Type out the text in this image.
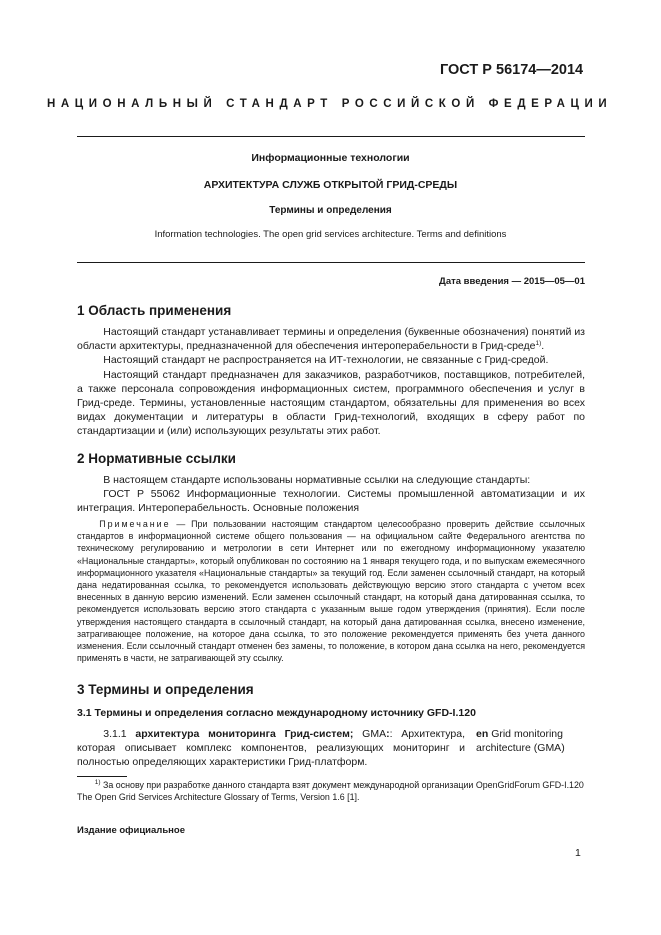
ГОСТ Р 56174—2014
НАЦИОНАЛЬНЫЙ СТАНДАРТ РОССИЙСКОЙ ФЕДЕРАЦИИ
Информационные технологии
АРХИТЕКТУРА СЛУЖБ ОТКРЫТОЙ ГРИД-СРЕДЫ
Термины и определения
Information technologies. The open grid services architecture. Terms and definitions
Дата введения — 2015—05—01
1 Область применения

   Настоящий стандарт устанавливает термины и определения (буквенные обозначения) понятий из области архитектуры, предназначенной для обеспечения интероперабельности в Грид-среде$^{1)}$.

   Настоящий стандарт не распространяется на ИТ-технологии, не связанные с Грид-средой.

   Настоящий стандарт предназначен для заказчиков, разработчиков, поставщиков, потребителей, а также персонала сопровождения информационных систем, программного обеспечения и услуг в Грид-среде. Термины, установленные настоящим стандартом, обязательны для применения во всех видах документации и литературы в области Грид-технологий, входящих в сферу работ по стандартизации и (или) использующих результаты этих работ.

2 Нормативные ссылки

   В настоящем стандарте использованы нормативные ссылки на следующие стандарты:

   ГОСТ Р 55062 Информационные технологии. Системы промышленной автоматизации и их интеграция. Интероперабельность. Основные положения

   Примечание — При пользовании настоящим стандартом целесообразно проверить действие ссылочных стандартов в информационной системе общего пользования — на официальном сайте Федерального агентства по техническому регулированию и метрологии в сети Интернет или по ежегодному информационному указателю «Национальные стандарты», который опубликован по состоянию на 1 января текущего года, и по выпускам ежемесячного информационного указателя «Национальные стандарты» за текущий год. Если заменен ссылочный стандарт, на который дана недатированная ссылка, то рекомендуется использовать действующую версию этого стандарта с учетом всех внесенных в данную версию изменений. Если заменен ссылочный стандарт, на который дана датированная ссылка, то рекомендуется использовать версию этого стандарта с указанным выше годом утверждения (принятия). Если после утверждения настоящего стандарта в ссылочный стандарт, на который дана датированная ссылка, внесено изменение, затрагивающее положение, на которое дана ссылка, то это положение рекомендуется применять без учета данного изменения. Если ссылочный стандарт отменен без замены, то положение, в котором дана ссылка на него, рекомендуется применять в части, не затрагивающей эту ссылку.
3 Термины и определения
3.1 Термины и определения согласно международному источнику GFD-I.120
   3.1.1 архитектура мониторинга Грид-систем; GMA:: Архитектура, которая описывает комплекс компонентов, реализующих мониторинг и полностью определяющих характеристики Грид-платформ.
en Grid monitoring architecture (GMA)
  $^{1)}$ За основу при разработке данного стандарта взят документ международной организации OpenGridForum GFD-I.120 The Open Grid Services Architecture Glossary of Terms, Version 1.6 [1].
Издание официальное
1
